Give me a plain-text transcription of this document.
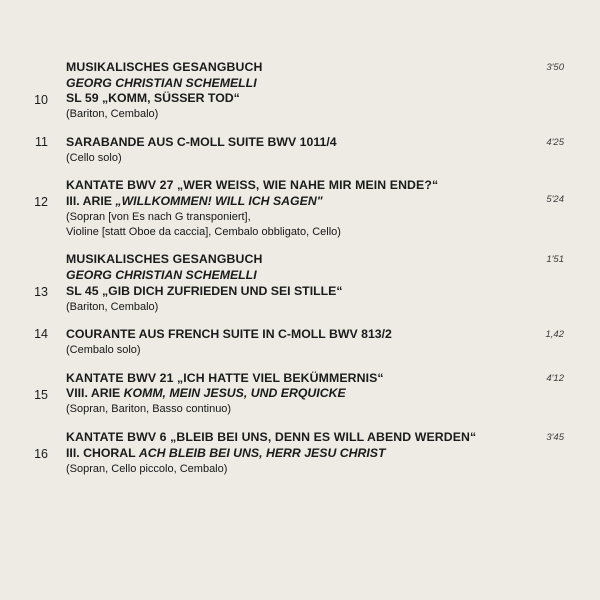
10
MUSIKALISCHES GESANGBUCH
GEORG CHRISTIAN SCHEMELLI
SL 59 „KOMM, SÜSSER TOD“
(Bariton, Cembalo)
3'50
11 SARABANDE AUS C-MOLL SUITE BWV 1011/4
(Cello solo)
4'25
12
KANTATE BWV 27 „WER WEISS, WIE NAHE MIR MEIN ENDE?“
III. ARIE „WILLKOMMEN! WILL ICH SAGEN"
(Sopran [von Es nach G transponiert],
Violine [statt Oboe da caccia], Cembalo obbligato, Cello)
5'24
13
MUSIKALISCHES GESANGBUCH
GEORG CHRISTIAN SCHEMELLI
SL 45 „GIB DICH ZUFRIEDEN UND SEI STILLE“
(Bariton, Cembalo)
1'51
14 COURANTE AUS FRENCH SUITE IN C-MOLL BWV 813/2
(Cembalo solo)
1,42
15
KANTATE BWV 21 „ICH HATTE VIEL BEKÜMMERNIS“
VIII. ARIE KOMM, MEIN JESUS, UND ERQUICKE
(Sopran, Bariton, Basso continuo)
4'12
16
KANTATE BWV 6 „BLEIB BEI UNS, DENN ES WILL ABEND WERDEN“
III. CHORAL ACH BLEIB BEI UNS, HERR JESU CHRIST
(Sopran, Cello piccolo, Cembalo)
3'45
